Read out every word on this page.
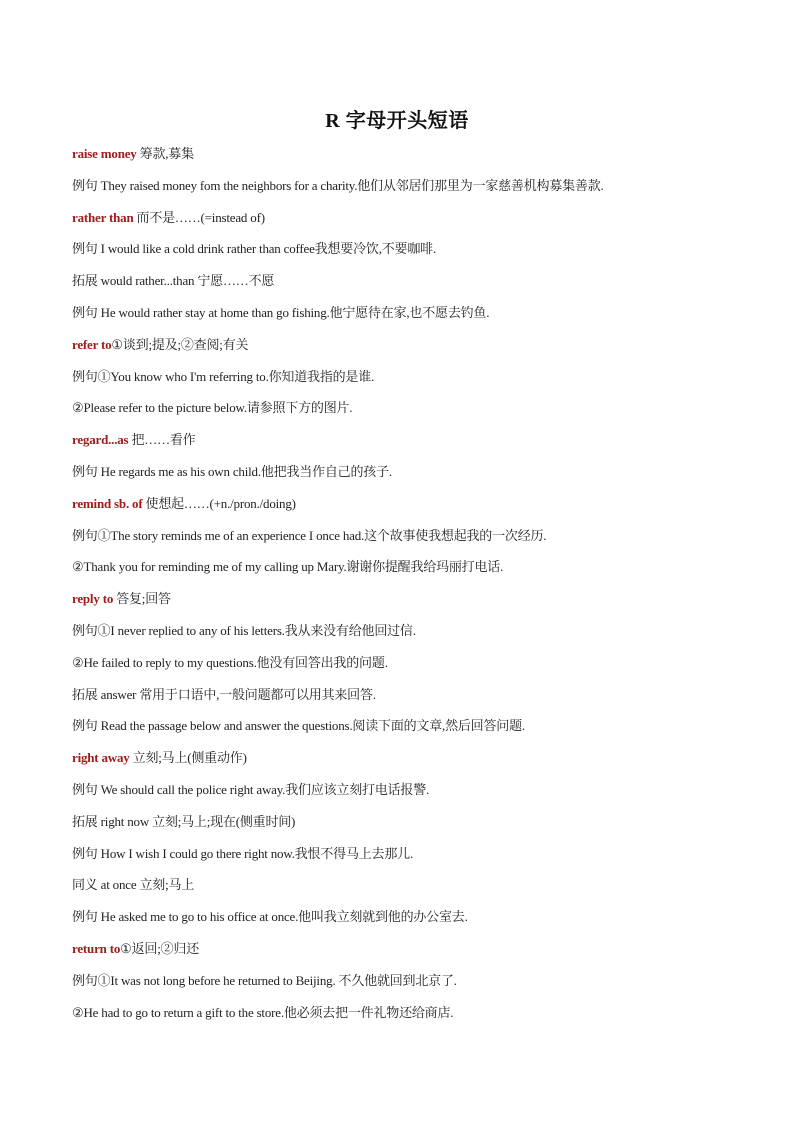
R 字母开头短语
raise money 筹款,募集
例句 They raised money fom the neighbors for a charity.他们从邻居们那里为一家慈善机构募集善款.
rather than 而不是……(=instead of)
例句 I would like a cold drink rather than coffee我想要冷饮,不要咖啡.
拓展 would rather...than 宁愿……不愿
例句 He would rather stay at home than go fishing.他宁愿待在家,也不愿去钓鱼.
refer to①谈到;提及;②查阅;有关
例句①You know who I'm referring to.你知道我指的是谁.
②Please refer to the picture below.请参照下方的图片.
regard...as 把……看作
例句 He regards me as his own child.他把我当作自己的孩子.
remind sb. of 使想起……(+n./pron./doing)
例句①The story reminds me of an experience I once had.这个故事使我想起我的一次经历.
②Thank you for reminding me of my calling up Mary.谢谢你提醒我给玛丽打电话.
reply to 答复;回答
例句①I never replied to any of his letters.我从来没有给他回过信.
②He failed to reply to my questions.他没有回答出我的问题.
拓展 answer 常用于口语中,一般问题都可以用其来回答.
例句 Read the passage below and answer the questions.阅读下面的文章,然后回答问题.
right away 立刻;马上(侧重动作)
例句 We should call the police right away.我们应该立刻打电话报警.
拓展 right now 立刻;马上;现在(侧重时间)
例句 How I wish I could go there right now.我恨不得马上去那儿.
同义 at once 立刻;马上
例句 He asked me to go to his office at once.他叫我立刻就到他的办公室去.
return to①返回;②归还
例句①It was not long before he returned to Beijing. 不久他就回到北京了.
②He had to go to return a gift to the store.他必须去把一件礼物还给商店.
